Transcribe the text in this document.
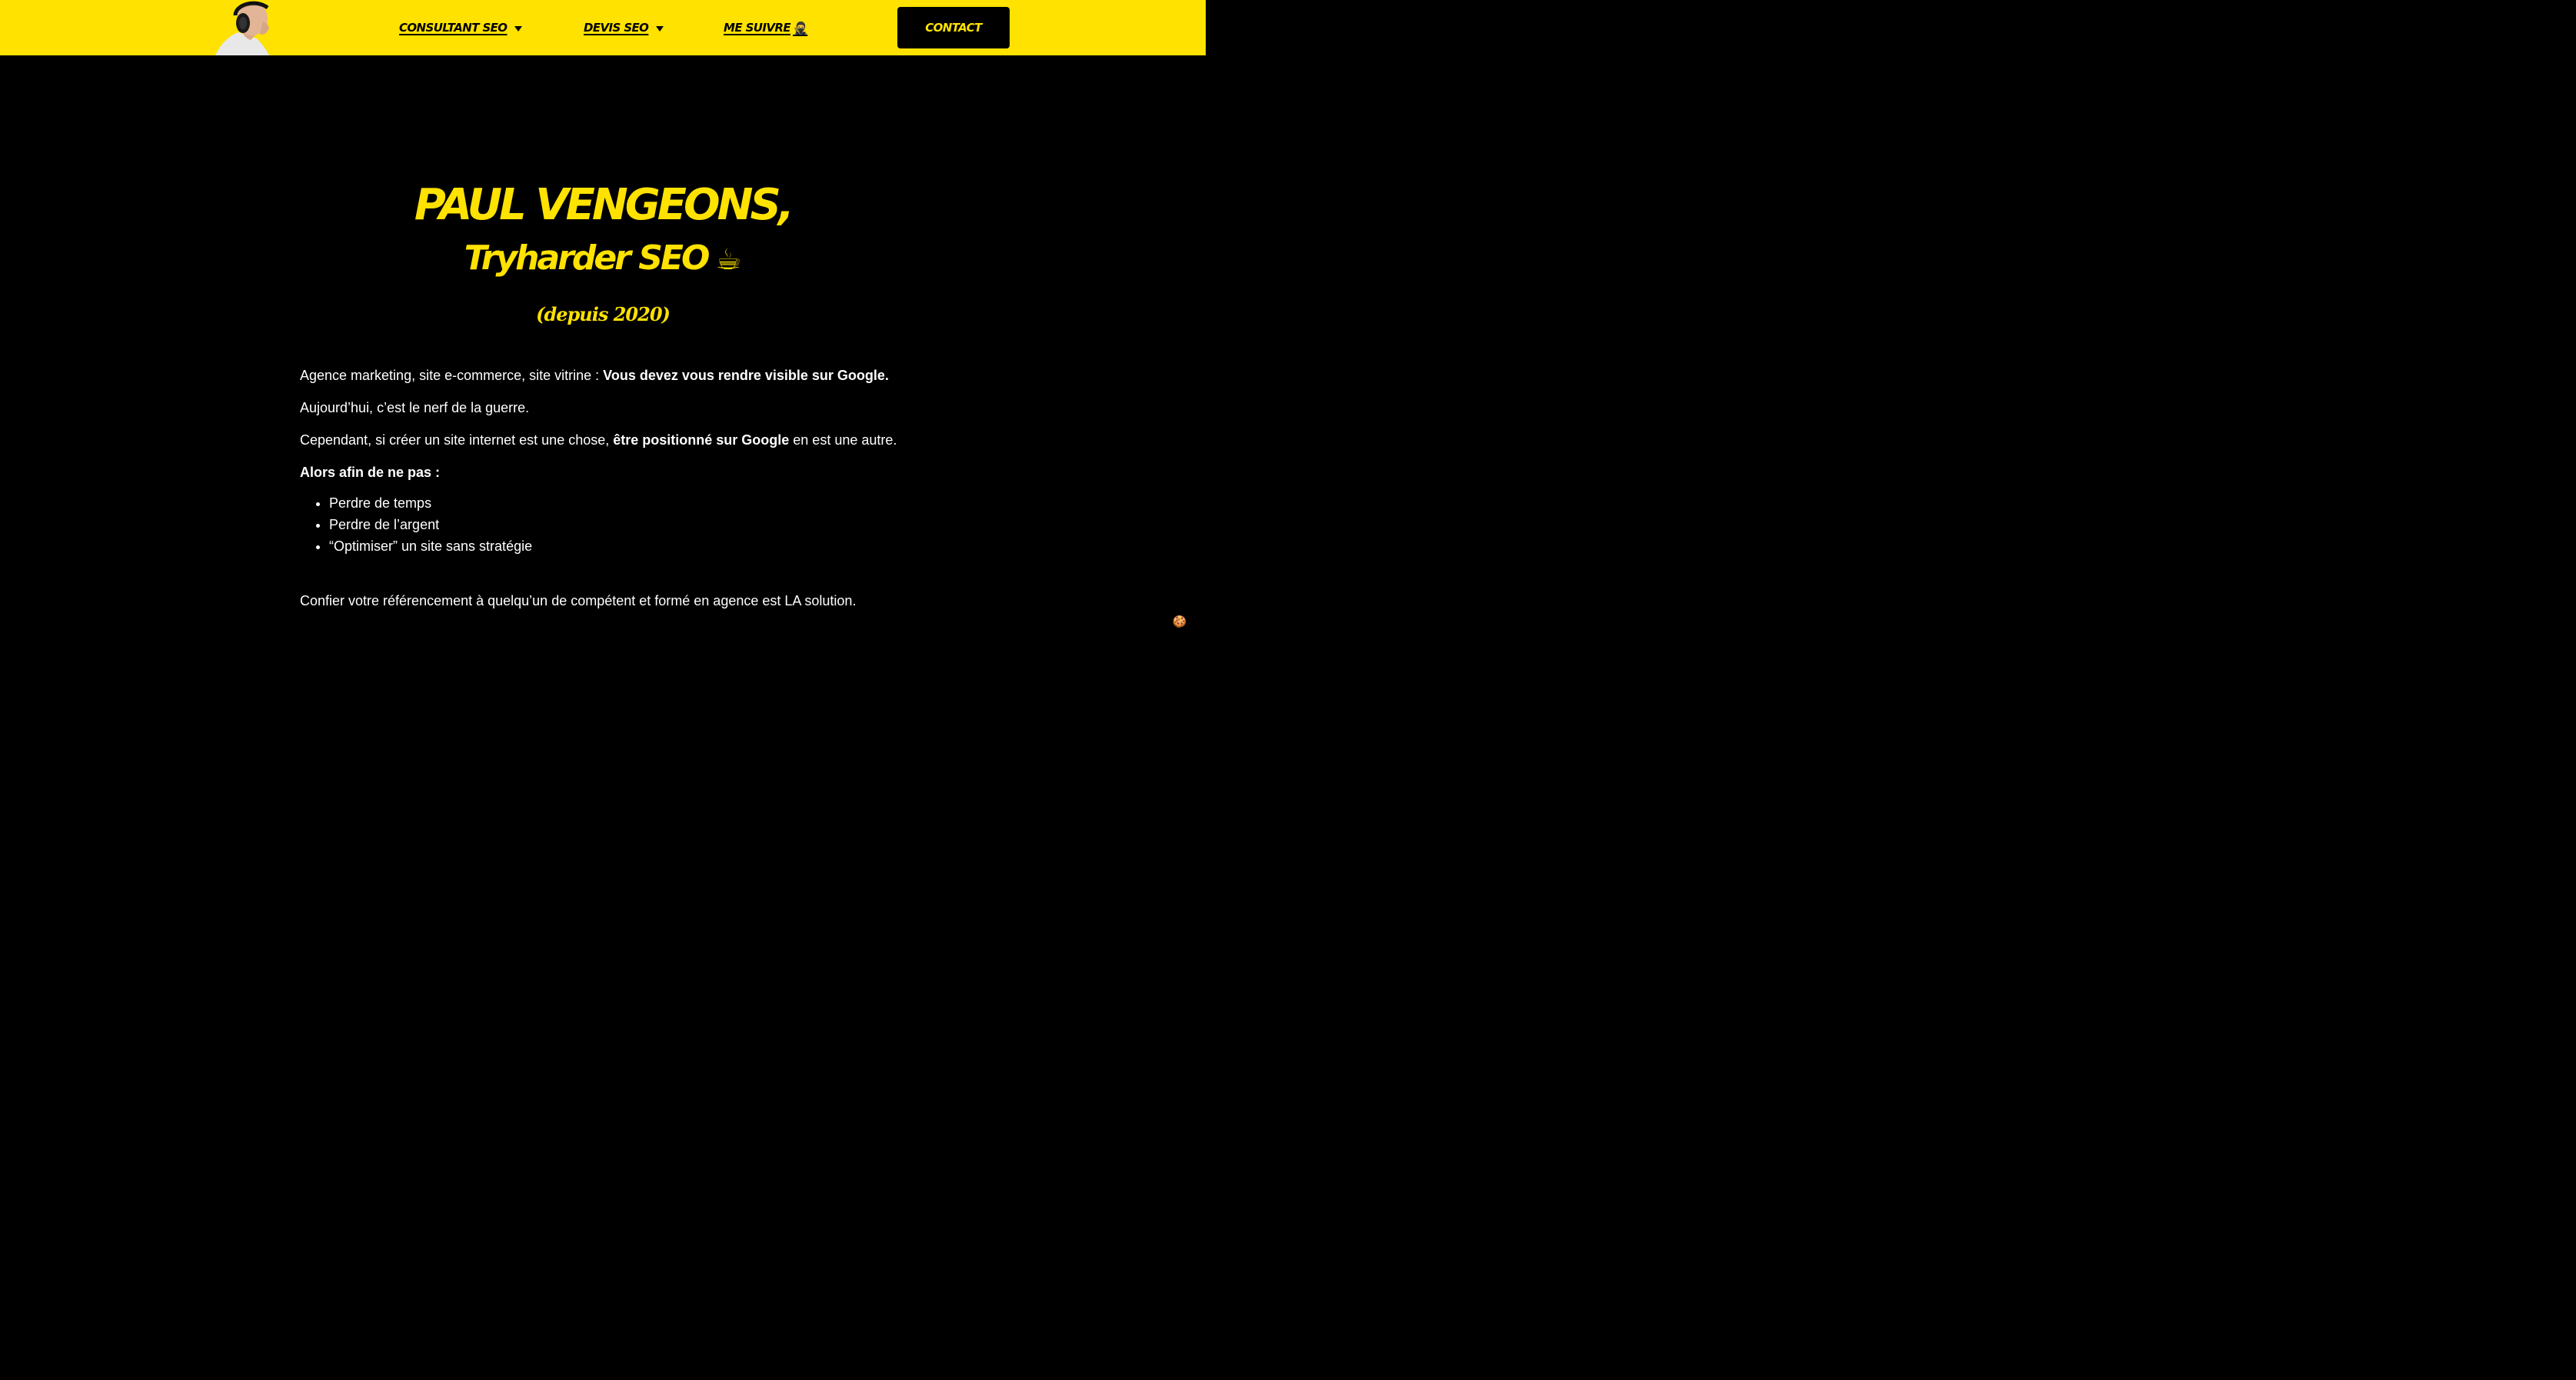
CONSULTANT SEO	DEVIS SEO	ME SUIVRE 🥷	CONTACT
PAUL VENGEONS,
Tryharder SEO ☕
(depuis 2020)

Agence marketing, site e-commerce, site vitrine : Vous devez vous rendre visible sur Google.

Aujourd’hui, c’est le nerf de la guerre.

Cependant, si créer un site internet est une chose, être positionné sur Google en est une autre.

Alors afin de ne pas :

• Perdre de temps
• Perdre de l’argent
• “Optimiser” un site sans stratégie

Confier votre référencement à quelqu’un de compétent et formé en agence est LA solution.

🍪
